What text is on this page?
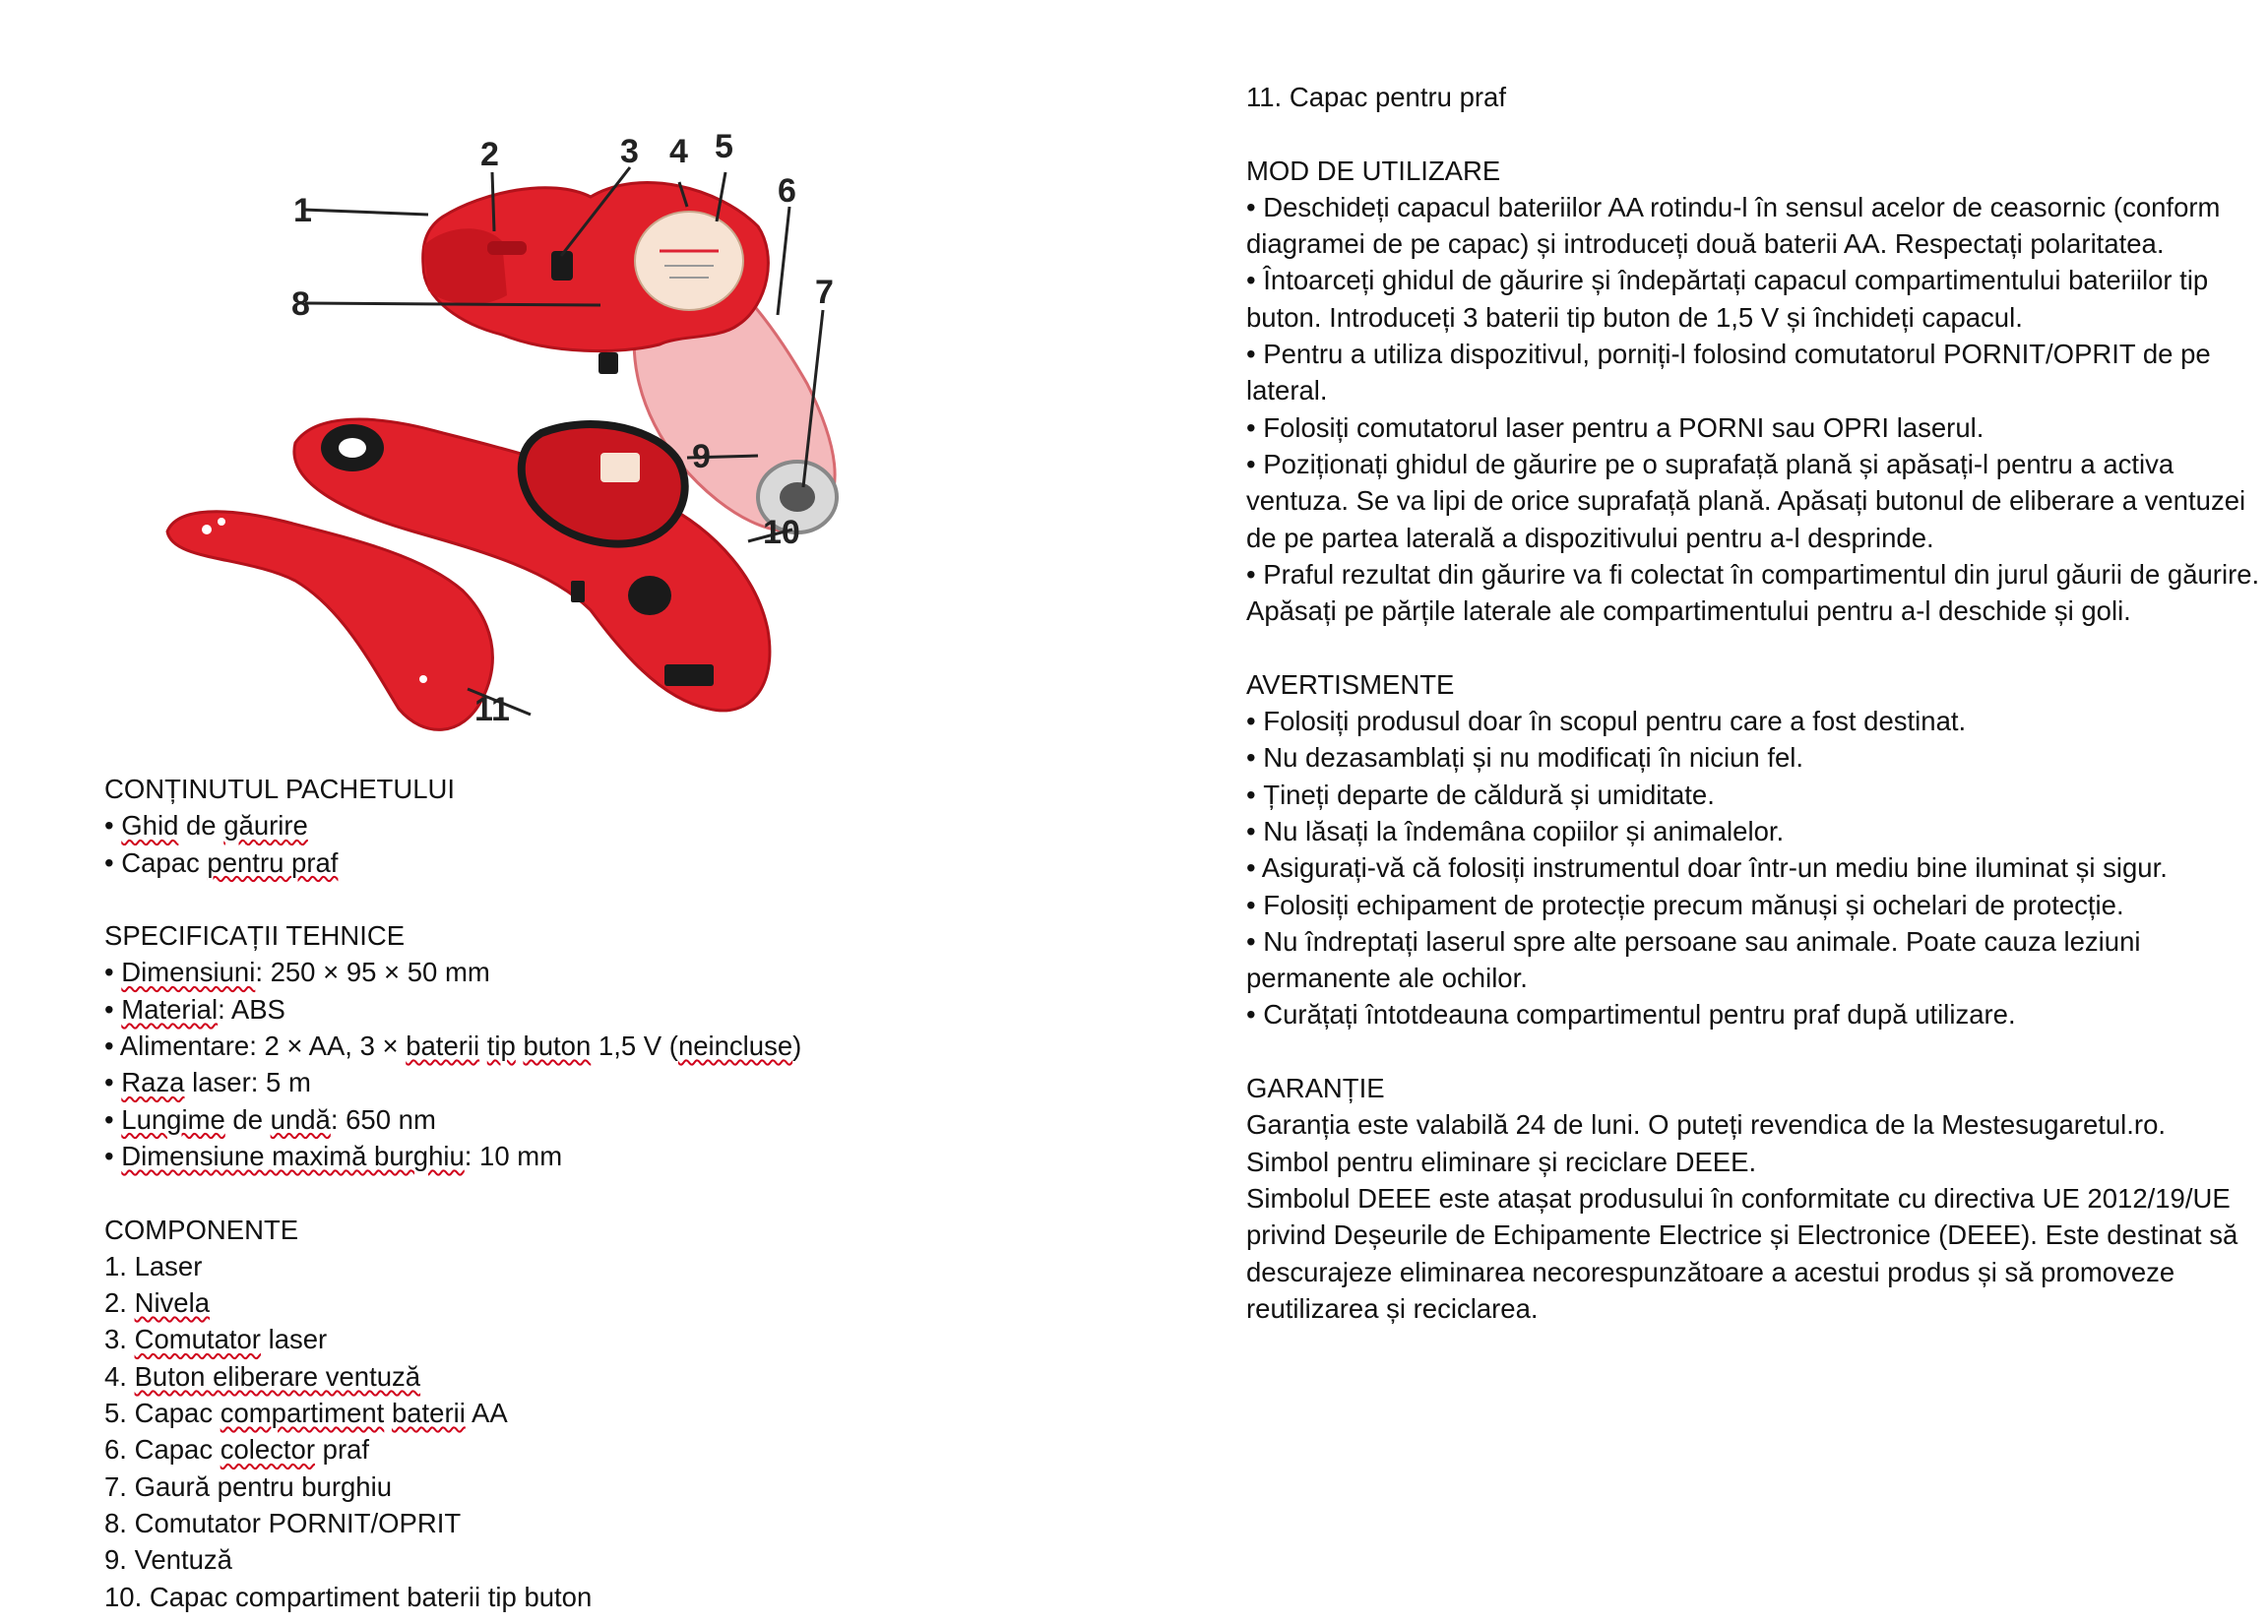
1
2	3 4 5
6
7
8
9
10
11
CONȚINUTUL PACHETULUI
• Ghid de găurire
• Capac pentru praf
SPECIFICAȚII TEHNICE
• Dimensiuni: 250 × 95 × 50 mm
• Material: ABS
• Alimentare: 2 × AA, 3 × baterii tip buton 1,5 V (neincluse)
• Raza laser: 5 m
• Lungime de undă: 650 nm
• Dimensiune maximă burghiu: 10 mm
COMPONENTE
1. Laser
2. Nivela
3. Comutator laser
4. Buton eliberare ventuză
5. Capac compartiment baterii AA
6. Capac colector praf
7. Gaură pentru burghiu
8. Comutator PORNIT/OPRIT
9. Ventuză
10. Capac compartiment baterii tip buton
11. Capac pentru praf
MOD DE UTILIZARE
• Deschideți capacul bateriilor AA rotindu-l în sensul acelor de ceasornic (conform diagramei de pe capac) și introduceți două baterii AA. Respectați polaritatea.
• Întoarceți ghidul de găurire și îndepărtați capacul compartimentului bateriilor tip buton. Introduceți 3 baterii tip buton de 1,5 V și închideți capacul.
• Pentru a utiliza dispozitivul, porniți-l folosind comutatorul PORNIT/OPRIT de pe lateral.
• Folosiți comutatorul laser pentru a PORNI sau OPRI laserul.
• Poziționați ghidul de găurire pe o suprafață plană și apăsați-l pentru a activa ventuza. Se va lipi de orice suprafață plană. Apăsați butonul de eliberare a ventuzei de pe partea laterală a dispozitivului pentru a-l desprinde.
• Praful rezultat din găurire va fi colectat în compartimentul din jurul găurii de găurire. Apăsați pe părțile laterale ale compartimentului pentru a-l deschide și goli.
AVERTISMENTE
• Folosiți produsul doar în scopul pentru care a fost destinat.
• Nu dezasamblați și nu modificați în niciun fel.
• Țineți departe de căldură și umiditate.
• Nu lăsați la îndemâna copiilor și animalelor.
• Asigurați-vă că folosiți instrumentul doar într-un mediu bine iluminat și sigur.
• Folosiți echipament de protecție precum mănuși și ochelari de protecție.
• Nu îndreptați laserul spre alte persoane sau animale. Poate cauza leziuni permanente ale ochilor.
• Curățați întotdeauna compartimentul pentru praf după utilizare.
GARANȚIE
Garanția este valabilă 24 de luni. O puteți revendica de la Mestesugaretul.ro.
Simbol pentru eliminare și reciclare DEEE.
Simbolul DEEE este atașat produsului în conformitate cu directiva UE 2012/19/UE privind Deșeurile de Echipamente Electrice și Electronice (DEEE). Este destinat să descurajeze eliminarea necorespunzătoare a acestui produs și să promoveze reutilizarea și reciclarea.
